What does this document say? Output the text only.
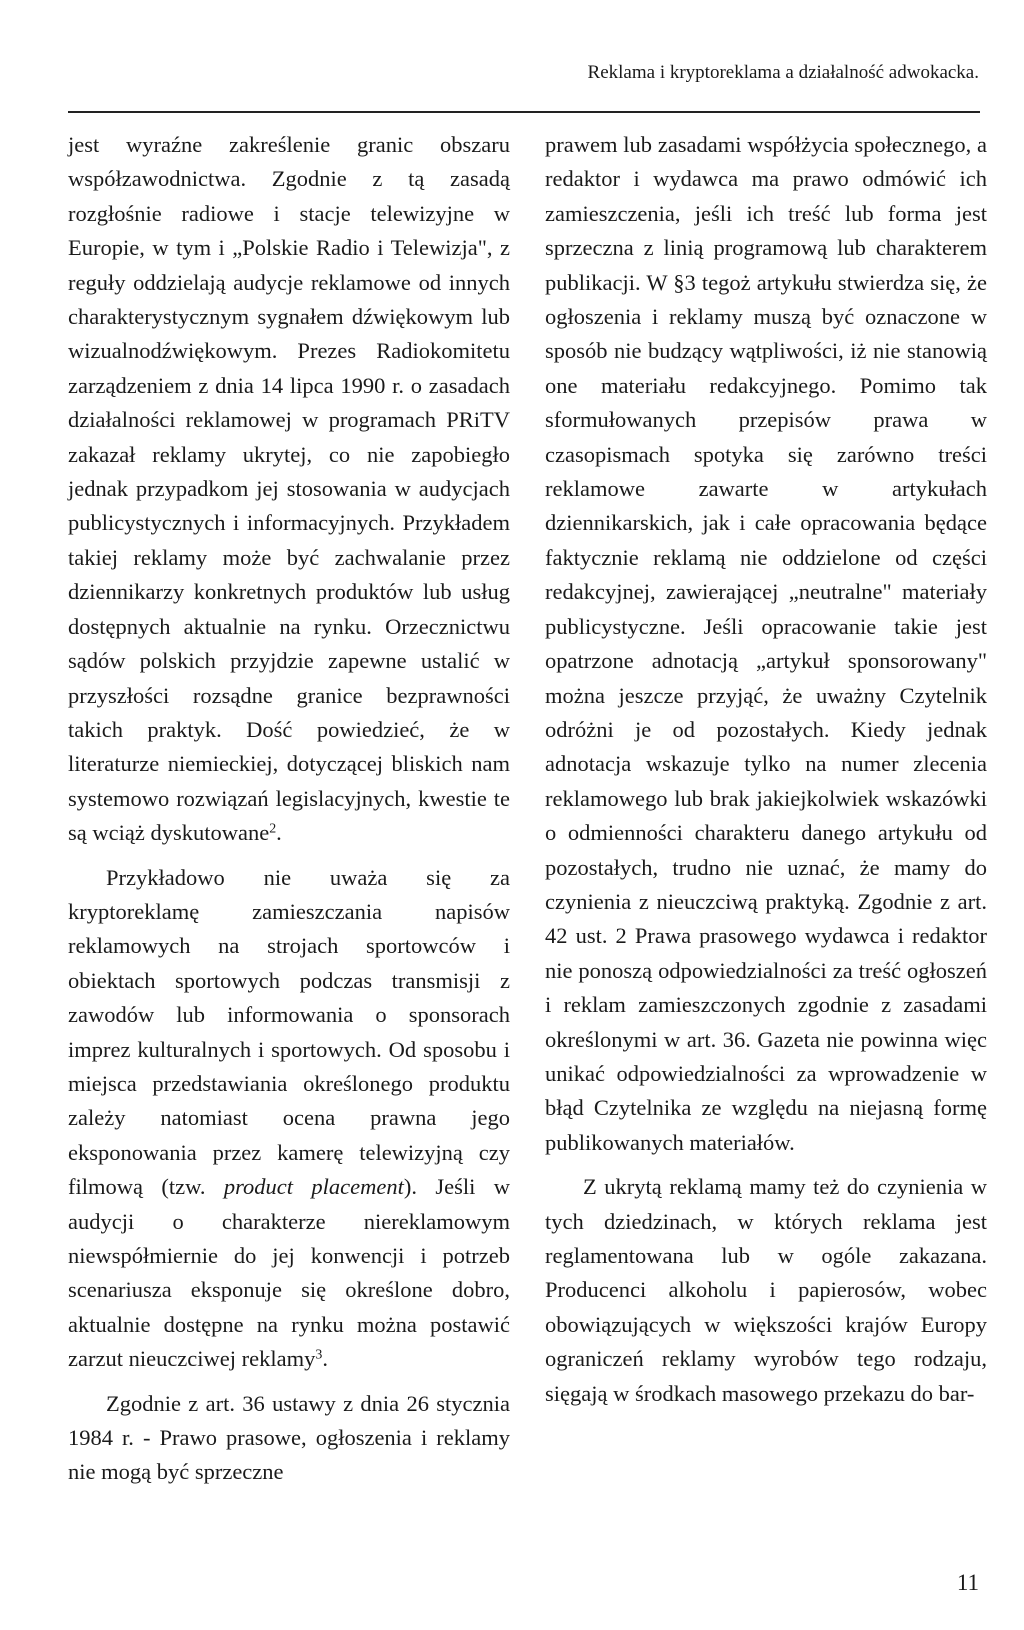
Reklama i kryptoreklama a działalność adwokacka.

jest wyraźne zakreślenie granic obszaru współzawodnictwa. Zgodnie z tą zasadą rozgłośnie radiowe i stacje telewizyjne w Europie, w tym i „Polskie Radio i Telewizja", z reguły oddzielają audycje reklamowe od innych charakterystycznym sygnałem dźwiękowym lub wizualnodźwiękowym. Prezes Radiokomitetu zarządzeniem z dnia 14 lipca 1990 r. o zasadach działalności reklamowej w programach PRiTV zakazał reklamy ukrytej, co nie zapobiegło jednak przypadkom jej stosowania w audycjach publicystycznych i informacyjnych. Przykładem takiej reklamy może być zachwalanie przez dziennikarzy konkretnych produktów lub usług dostępnych aktualnie na rynku. Orzecznictwu sądów polskich przyjdzie zapewne ustalić w przyszłości rozsądne granice bezprawności takich praktyk. Dość powiedzieć, że w literaturze niemieckiej, dotyczącej bliskich nam systemowo rozwiązań legislacyjnych, kwestie te są wciąż dyskutowane$^2$.

Przykładowo nie uważa się za kryptoreklamę zamieszczania napisów reklamowych na strojach sportowców i obiektach sportowych podczas transmisji z zawodów lub informowania o sponsorach imprez kulturalnych i sportowych. Od sposobu i miejsca przedstawiania określonego produktu zależy natomiast ocena prawna jego eksponowania przez kamerę telewizyjną czy filmową (tzw. product placement). Jeśli w audycji o charakterze niereklamowym niewspółmiernie do jej konwencji i potrzeb scenariusza eksponuje się określone dobro, aktualnie dostępne na rynku można postawić zarzut nieuczciwej reklamy$^3$.

Zgodnie z art. 36 ustawy z dnia 26 stycznia 1984 r. - Prawo prasowe, ogłoszenia i reklamy nie mogą być sprzeczne

prawem lub zasadami współżycia społecznego, a redaktor i wydawca ma prawo odmówić ich zamieszczenia, jeśli ich treść lub forma jest sprzeczna z linią programową lub charakterem publikacji. W §3 tegoż artykułu stwierdza się, że ogłoszenia i reklamy muszą być oznaczone w sposób nie budzący wątpliwości, iż nie stanowią one materiału redakcyjnego. Pomimo tak sformułowanych przepisów prawa w czasopismach spotyka się zarówno treści reklamowe zawarte w artykułach dziennikarskich, jak i całe opracowania będące faktycznie reklamą nie oddzielone od części redakcyjnej, zawierającej „neutralne" materiały publicystyczne. Jeśli opracowanie takie jest opatrzone adnotacją „artykuł sponsorowany" można jeszcze przyjąć, że uważny Czytelnik odróżni je od pozostałych. Kiedy jednak adnotacja wskazuje tylko na numer zlecenia reklamowego lub brak jakiejkolwiek wskazówki o odmienności charakteru danego artykułu od pozostałych, trudno nie uznać, że mamy do czynienia z nieuczciwą praktyką. Zgodnie z art. 42 ust. 2 Prawa prasowego wydawca i redaktor nie ponoszą odpowiedzialności za treść ogłoszeń i reklam zamieszczonych zgodnie z zasadami określonymi w art. 36. Gazeta nie powinna więc unikać odpowiedzialności za wprowadzenie w błąd Czytelnika ze względu na niejasną formę publikowanych materiałów.

Z ukrytą reklamą mamy też do czynienia w tych dziedzinach, w których reklama jest reglamentowana lub w ogóle zakazana. Producenci alkoholu i papierosów, wobec obowiązujących w większości krajów Europy ograniczeń reklamy wyrobów tego rodzaju, sięgają w środkach masowego przekazu do bar-

11
